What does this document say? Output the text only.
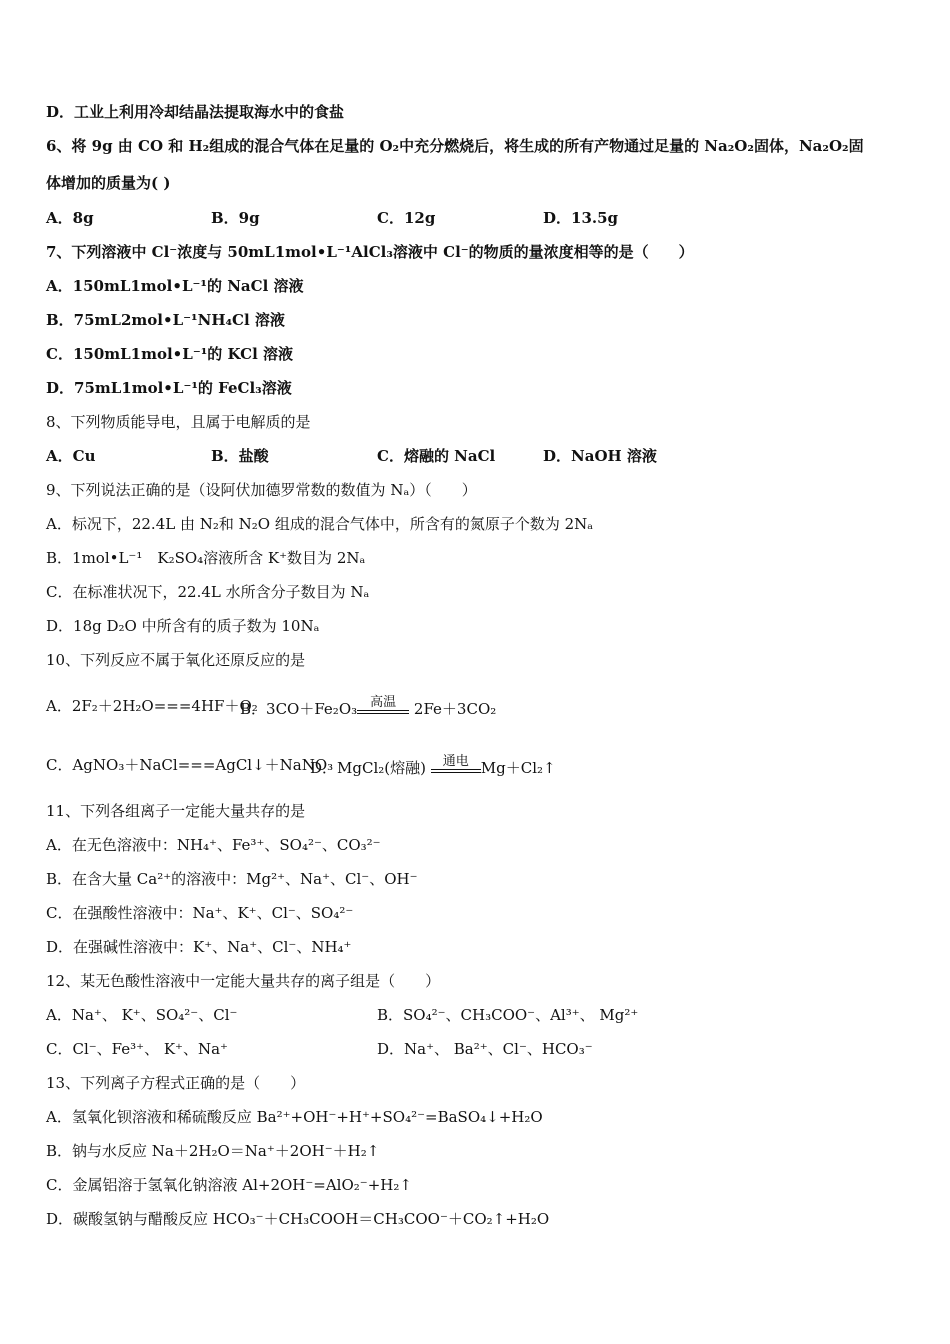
D．工业上利用冷却结晶法提取海水中的食盐
6、将 9g 由 CO 和 H₂组成的混合气体在足量的 O₂中充分燃烧后，将生成的所有产物通过足量的 Na₂O₂固体，Na₂O₂固
体增加的质量为( )
A．8g	B．9g	C．12g	D．13.5g
7、下列溶液中 Cl⁻浓度与 50mL1mol•L⁻¹AlCl₃溶液中 Cl⁻的物质的量浓度相等的是（　　）
A．150mL1mol•L⁻¹的 NaCl 溶液
B．75mL2mol•L⁻¹NH₄Cl 溶液
C．150mL1mol•L⁻¹的 KCl 溶液
D．75mL1mol•L⁻¹的 FeCl₃溶液
8、下列物质能导电，且属于电解质的是
A．Cu	B．盐酸	C．熔融的 NaCl	D．NaOH 溶液
9、下列说法正确的是（设阿伏加德罗常数的数值为 Nₐ）（　　）
A．标况下，22.4L 由 N₂和 N₂O 组成的混合气体中，所含有的氮原子个数为 2Nₐ
B．1mol•L⁻¹　K₂SO₄溶液所含 K⁺数目为 2Nₐ
C．在标准状况下，22.4L 水所含分子数目为 Nₐ
D．18g D₂O 中所含有的质子数为 10Nₐ
10、下列反应不属于氧化还原反应的是
A．2F₂＋2H₂O===4HF＋O₂
B．3CO＋Fe₂O₃ 高温 2Fe＋3CO₂
C．AgNO₃＋NaCl===AgCl↓＋NaNO₃
D．MgCl₂(熔融) 通电 Mg＋Cl₂↑
11、下列各组离子一定能大量共存的是
A．在无色溶液中：NH₄⁺、Fe³⁺、SO₄²⁻、CO₃²⁻
B．在含大量 Ca²⁺的溶液中：Mg²⁺、Na⁺、Cl⁻、OH⁻
C．在强酸性溶液中：Na⁺、K⁺、Cl⁻、SO₄²⁻
D．在强碱性溶液中：K⁺、Na⁺、Cl⁻、NH₄⁺
12、某无色酸性溶液中一定能大量共存的离子组是（　　）
A．Na⁺、 K⁺、SO₄²⁻、Cl⁻	B．SO₄²⁻、CH₃COO⁻、Al³⁺、 Mg²⁺
C．Cl⁻、Fe³⁺、 K⁺、Na⁺	D．Na⁺、 Ba²⁺、Cl⁻、HCO₃⁻
13、下列离子方程式正确的是（　　）
A．氢氧化钡溶液和稀硫酸反应 Ba²⁺+OH⁻+H⁺+SO₄²⁻=BaSO₄↓+H₂O
B．钠与水反应 Na＋2H₂O＝Na⁺＋2OH⁻＋H₂↑
C．金属铝溶于氢氧化钠溶液 Al+2OH⁻=AlO₂⁻+H₂↑
D．碳酸氢钠与醋酸反应 HCO₃⁻＋CH₃COOH＝CH₃COO⁻＋CO₂↑+H₂O
